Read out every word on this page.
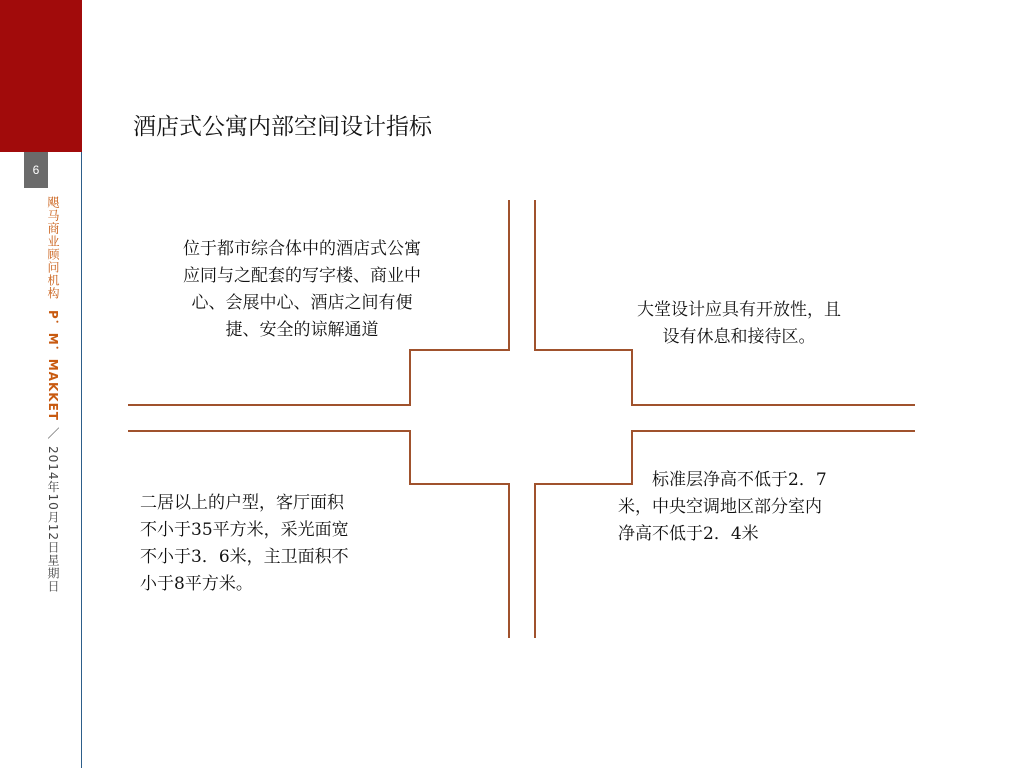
6
飓马商业顾问机构P．M．MAKKET／2014年10月12日星期日
酒店式公寓内部空间设计指标
位于都市综合体中的酒店式公寓
应同与之配套的写字楼、商业中
心、会展中心、酒店之间有便
捷、安全的谅解通道
大堂设计应具有开放性，且
设有休息和接待区。
二居以上的户型，客厅面积
不小于35平方米，采光面宽
不小于3．6米，主卫面积不
小于8平方米。
标准层净高不低于2．7
米，中央空调地区部分室内
净高不低于2．4米
